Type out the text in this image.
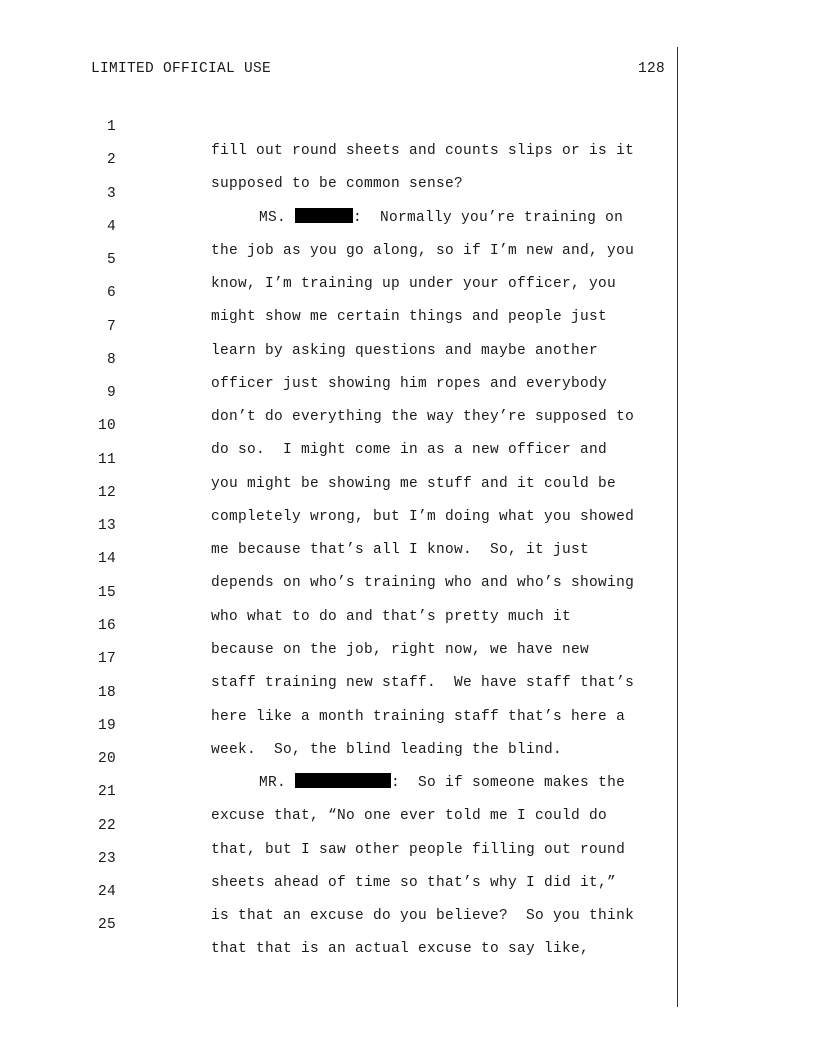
LIMITED OFFICIAL USE	128

1

fill out round sheets and counts slips or is it

2

supposed to be common sense?

3

MS.	:  Normally you’re training on

4

the job as you go along, so if I’m new and, you

5

know, I’m training up under your officer, you

6

might show me certain things and people just

7

learn by asking questions and maybe another

8

officer just showing him ropes and everybody

9

don’t do everything the way they’re supposed to

10

do so.  I might come in as a new officer and

11

you might be showing me stuff and it could be

12

completely wrong, but I’m doing what you showed

13

me because that’s all I know.  So, it just

14

depends on who’s training who and who’s showing

15

who what to do and that’s pretty much it

16

because on the job, right now, we have new

17

staff training new staff.  We have staff that’s

18

here like a month training staff that’s here a

19

week.  So, the blind leading the blind.

20

MR.	:  So if someone makes the

21

excuse that, “No one ever told me I could do

22

that, but I saw other people filling out round

23

sheets ahead of time so that’s why I did it,”

24

is that an excuse do you believe?  So you think

25

that that is an actual excuse to say like,
